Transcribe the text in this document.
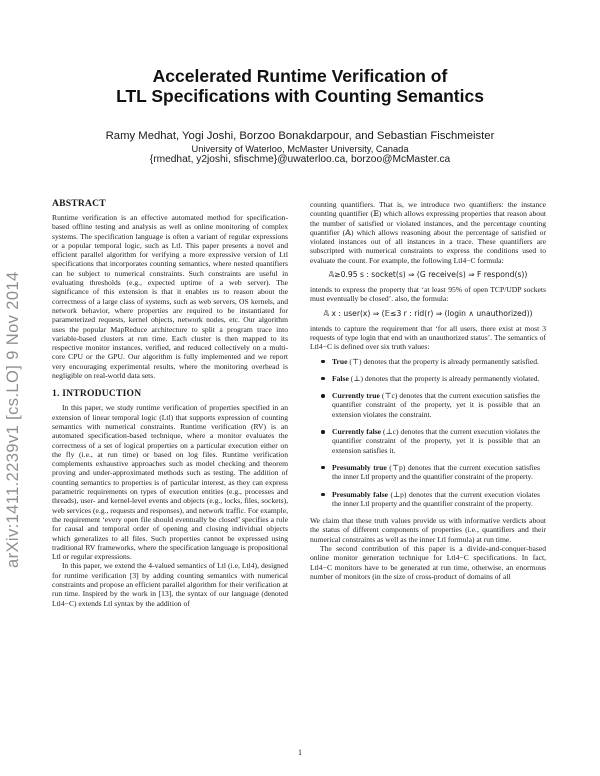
arXiv:1411.2239v1 [cs.LO] 9 Nov 2014
Accelerated Runtime Verification of
LTL Specifications with Counting Semantics
Ramy Medhat, Yogi Joshi, Borzoo Bonakdarpour, and Sebastian Fischmeister
University of Waterloo, McMaster University, Canada
{rmedhat, y2joshi, sfischme}@uwaterloo.ca, borzoo@McMaster.ca
ABSTRACT

Runtime verification is an effective automated method for specification-based offline testing and analysis as well as online monitoring of complex systems. The specification language is often a variant of regular expressions or a popular temporal logic, such as Ltl. This paper presents a novel and efficient parallel algorithm for verifying a more expressive version of Ltl specifications that incorporates counting semantics, where nested quantifiers can be subject to numerical constraints. Such constraints are useful in evaluating thresholds (e.g., expected uptime of a web server). The significance of this extension is that it enables us to reason about the correctness of a large class of systems, such as web servers, OS kernels, and network behavior, where properties are required to be instantiated for parameterized requests, kernel objects, network nodes, etc. Our algorithm uses the popular MapReduce architecture to split a program trace into variable-based clusters at run time. Each cluster is then mapped to its respective monitor instances, verified, and reduced collectively on a multi-core CPU or the GPU. Our algorithm is fully implemented and we report very encouraging experimental results, where the monitoring overhead is negligible on real-world data sets.

1. INTRODUCTION

In this paper, we study runtime verification of properties specified in an extension of linear temporal logic (Ltl) that supports expression of counting semantics with numerical constraints. Runtime verification (RV) is an automated specification-based technique, where a monitor evaluates the correctness of a set of logical properties on a particular execution either on the fly (i.e., at run time) or based on log files. Runtime verification complements exhaustive approaches such as model checking and theorem proving and under-approximated methods such as testing. The addition of counting semantics to properties is of particular interest, as they can express parametric requirements on types of execution entities (e.g., processes and threads), user- and kernel-level events and objects (e.g., locks, files, sockets), web services (e.g., requests and responses), and network traffic. For example, the requirement ‘every open file should eventually be closed’ specifies a rule for causal and temporal order of opening and closing individual objects which generalizes to all files. Such properties cannot be expressed using traditional RV frameworks, where the specification language is propositional Ltl or regular expressions.

In this paper, we extend the 4-valued semantics of Ltl (i.e, Ltl4), designed for runtime verification [3] by adding counting semantics with numerical constraints and propose an efficient parallel algorithm for their verification at run time. Inspired by the work in [13], the syntax of our language (denoted Ltl4−C) extends Ltl syntax by the addition of

counting quantifiers. That is, we introduce two quantifiers: the instance counting quantifier (𝔼) which allows expressing properties that reason about the number of satisfied or violated instances, and the percentage counting quantifier (𝔸) which allows reasoning about the percentage of satisfied or violated instances out of all instances in a trace. These quantifiers are subscripted with numerical constraints to express the conditions used to evaluate the count. For example, the following Ltl4−C formula:

𝔸≥0.95 s : socket(s) ⇒ (G receive(s) ⇒ F respond(s))

intends to express the property that ‘at least 95% of open TCP/UDP sockets must eventually be closed’. also, the formula:

𝔸 x : user(x) ⇒ (𝔼≤3 r : rid(r) ⇒ (login ∧ unauthorized))

intends to capture the requirement that ‘for all users, there exist at most 3 requests of type login that end with an unauthorized status’. The semantics of Ltl4−C is defined over six truth values:

True (⊤) denotes that the property is already permanently satisfied.
False (⊥) denotes that the property is already permanently violated.
Currently true (⊤c) denotes that the current execution satisfies the quantifier constraint of the property, yet it is possible that an extension violates the constraint.
Currently false (⊥c) denotes that the current execution violates the quantifier constraint of the property, yet it is possible that an extension satisfies it.
Presumably true (⊤p) denotes that the current execution satisfies the inner Ltl property and the quantifier constraint of the property.
Presumably false (⊥p) denotes that the current execution violates the inner Ltl property and the quantifier constraint of the property.

We claim that these truth values provide us with informative verdicts about the status of different components of properties (i.e., quantifiers and their numerical constraints as well as the inner Ltl formula) at run time.

The second contribution of this paper is a divide-and-conquer-based online monitor generation technique for Ltl4−C specifications. In fact, Ltl4−C monitors have to be generated at run time, otherwise, an enormous number of monitors (in the size of cross-product of domains of all

1
